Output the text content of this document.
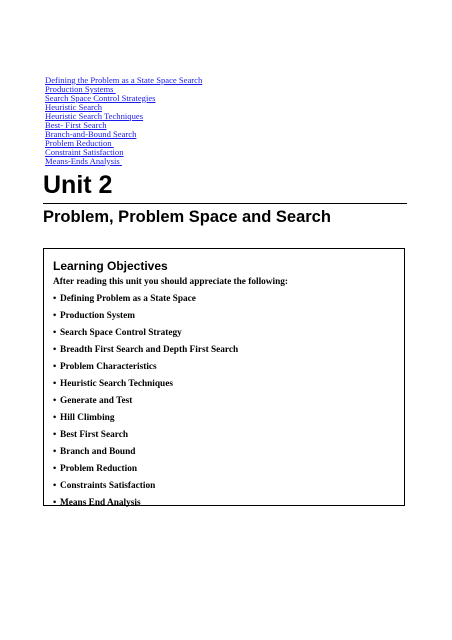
Defining the Problem as a State Space Search
Production Systems
Search Space Control Strategies
Heuristic Search
Heuristic Search Techniques
Best- First Search
Branch-and-Bound Search
Problem Reduction
Constraint Satisfaction
Means-Ends Analysis
Unit 2
Problem, Problem Space and Search
Learning Objectives
After reading this unit you should appreciate the following:
• Defining Problem as a State Space
• Production System
• Search Space Control Strategy
• Breadth First Search and Depth First Search
• Problem Characteristics
• Heuristic Search Techniques
• Generate and Test
• Hill Climbing
• Best First Search
• Branch and Bound
• Problem Reduction
• Constraints Satisfaction
• Means End Analysis
